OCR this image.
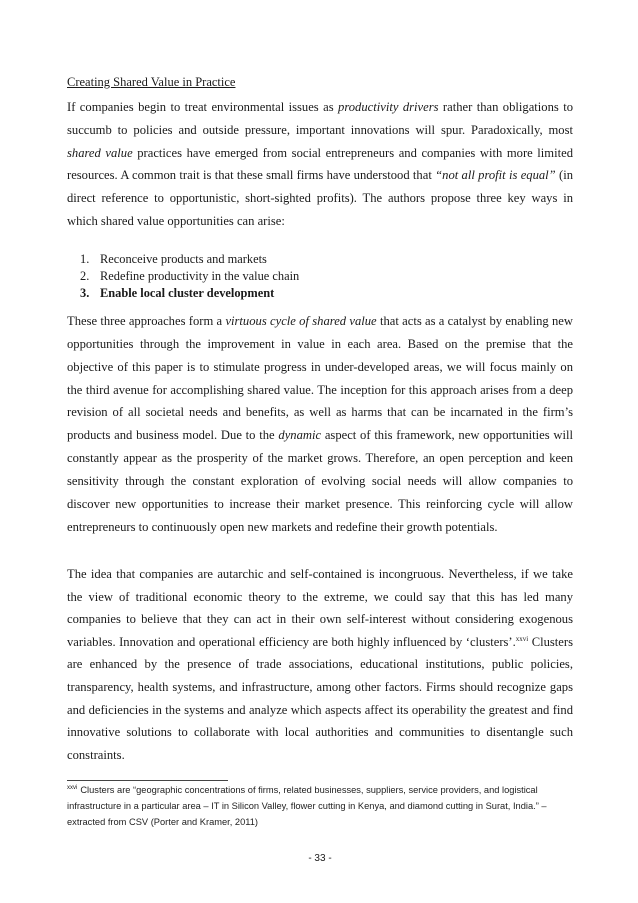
Creating Shared Value in Practice

If companies begin to treat environmental issues as productivity drivers rather than obligations to succumb to policies and outside pressure, important innovations will spur. Paradoxically, most shared value practices have emerged from social entrepreneurs and companies with more limited resources. A common trait is that these small firms have understood that “not all profit is equal” (in direct reference to opportunistic, short-sighted profits). The authors propose three key ways in which shared value opportunities can arise:

1. Reconceive products and markets
2. Redefine productivity in the value chain
3. Enable local cluster development

These three approaches form a virtuous cycle of shared value that acts as a catalyst by enabling new opportunities through the improvement in value in each area. Based on the premise that the objective of this paper is to stimulate progress in under-developed areas, we will focus mainly on the third avenue for accomplishing shared value. The inception for this approach arises from a deep revision of all societal needs and benefits, as well as harms that can be incarnated in the firm’s products and business model. Due to the dynamic aspect of this framework, new opportunities will constantly appear as the prosperity of the market grows. Therefore, an open perception and keen sensitivity through the constant exploration of evolving social needs will allow companies to discover new opportunities to increase their market presence. This reinforcing cycle will allow entrepreneurs to continuously open new markets and redefine their growth potentials.

The idea that companies are autarchic and self-contained is incongruous. Nevertheless, if we take the view of traditional economic theory to the extreme, we could say that this has led many companies to believe that they can act in their own self-interest without considering exogenous variables. Innovation and operational efficiency are both highly influenced by ‘clusters’.$^{xxvi}$ Clusters are enhanced by the presence of trade associations, educational institutions, public policies, transparency, health systems, and infrastructure, among other factors. Firms should recognize gaps and deficiencies in the systems and analyze which aspects affect its operability the greatest and find innovative solutions to collaborate with local authorities and communities to disentangle such constraints.

$^{xxvi}$ Clusters are “geographic concentrations of firms, related businesses, suppliers, service providers, and logistical infrastructure in a particular area – IT in Silicon Valley, flower cutting in Kenya, and diamond cutting in Surat, India.” – extracted from CSV (Porter and Kramer, 2011)
- 33 -
